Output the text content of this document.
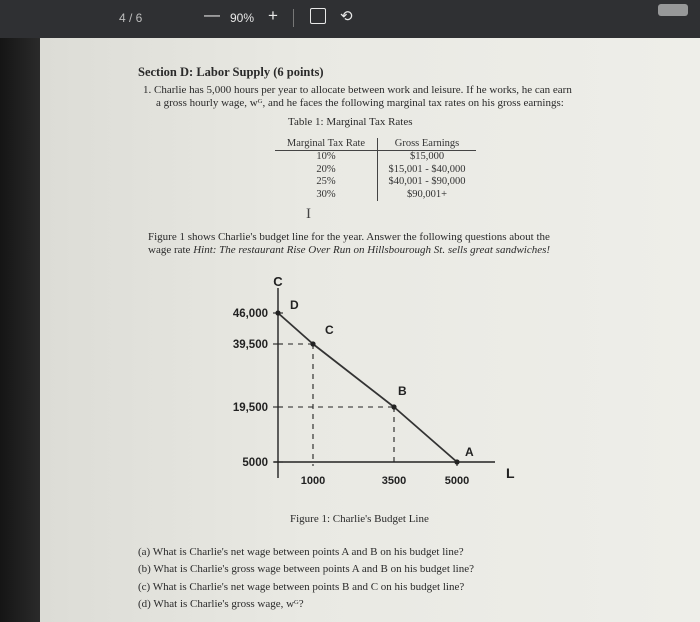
4 / 6	— 90% +	⟲
Section D: Labor Supply (6 points)
1. Charlie has 5,000 hours per year to allocate between work and leisure. If he works, he can earn
a gross hourly wage, wᴳ, and he faces the following marginal tax rates on his gross earnings:
Table 1: Marginal Tax Rates
Marginal Tax Rate	Gross Earnings
10%	$15,000
20%	$15,001 - $40,000
25%	$40,001 - $90,000
30%	$90,001+
I
Figure 1 shows Charlie's budget line for the year. Answer the following questions about the
wage rate Hint: The restaurant Rise Over Run on Hillsbourough St. sells great sandwiches!
C
L
D
C
B
A
46,000
39,500
19,500
5000
1000	3500	5000
Figure 1: Charlie's Budget Line
(a) What is Charlie's net wage between points A and B on his budget line?
(b) What is Charlie's gross wage between points A and B on his budget line?
(c) What is Charlie's net wage between points B and C on his budget line?
(d) What is Charlie's gross wage, wᴳ?
